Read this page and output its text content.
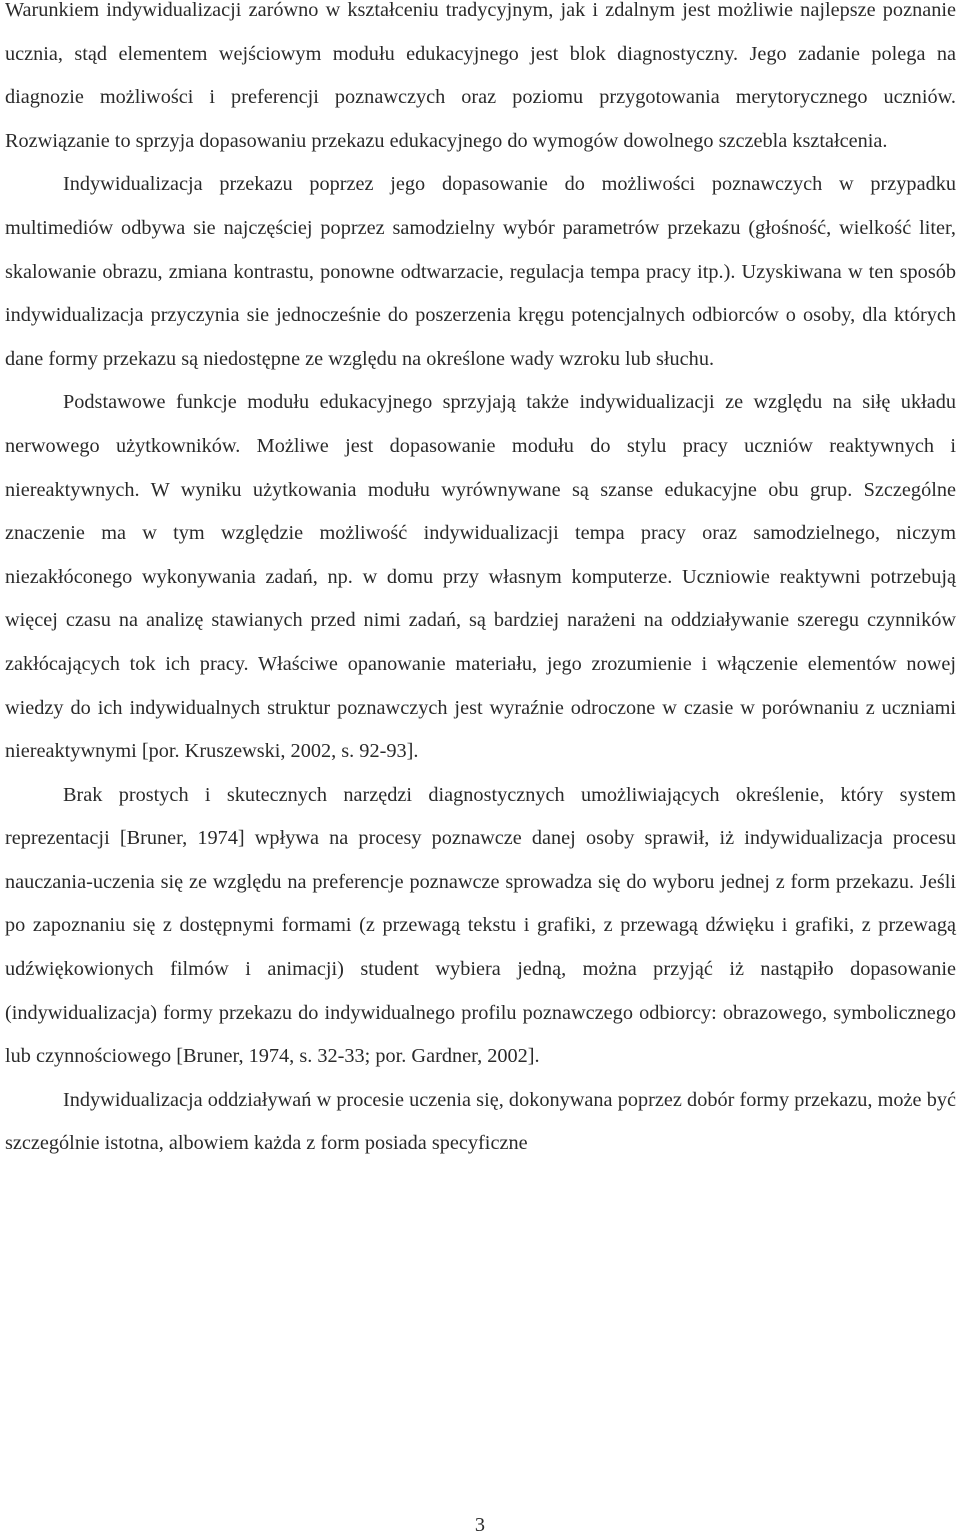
Warunkiem indywidualizacji zarówno w kształceniu tradycyjnym, jak i zdalnym jest możliwie najlepsze poznanie ucznia, stąd elementem wejściowym modułu edukacyjnego jest blok diagnostyczny. Jego zadanie polega na diagnozie możliwości i preferencji poznawczych oraz poziomu przygotowania merytorycznego uczniów. Rozwiązanie to sprzyja dopasowaniu przekazu edukacyjnego do wymogów dowolnego szczebla kształcenia.

Indywidualizacja przekazu poprzez jego dopasowanie do możliwości poznawczych w przypadku multimediów odbywa sie najczęściej poprzez samodzielny wybór parametrów przekazu (głośność, wielkość liter, skalowanie obrazu, zmiana kontrastu, ponowne odtwarzacie, regulacja tempa pracy itp.). Uzyskiwana w ten sposób indywidualizacja przyczynia sie jednocześnie do poszerzenia kręgu potencjalnych odbiorców o osoby, dla których dane formy przekazu są niedostępne ze względu na określone wady wzroku lub słuchu.

Podstawowe funkcje modułu edukacyjnego sprzyjają także indywidualizacji ze względu na siłę układu nerwowego użytkowników. Możliwe jest dopasowanie modułu do stylu pracy uczniów reaktywnych i niereaktywnych. W wyniku użytkowania modułu wyrównywane są szanse edukacyjne obu grup. Szczególne znaczenie ma w tym względzie możliwość indywidualizacji tempa pracy oraz samodzielnego, niczym niezakłóconego wykonywania zadań, np. w domu przy własnym komputerze. Uczniowie reaktywni potrzebują więcej czasu na analizę stawianych przed nimi zadań, są bardziej narażeni na oddziaływanie szeregu czynników zakłócających tok ich pracy. Właściwe opanowanie materiału, jego zrozumienie i włączenie elementów nowej wiedzy do ich indywidualnych struktur poznawczych jest wyraźnie odroczone w czasie w porównaniu z uczniami niereaktywnymi [por. Kruszewski, 2002, s. 92-93].

Brak prostych i skutecznych narzędzi diagnostycznych umożliwiających określenie, który system reprezentacji [Bruner, 1974] wpływa na procesy poznawcze danej osoby sprawił, iż indywidualizacja procesu nauczania-uczenia się ze względu na preferencje poznawcze sprowadza się do wyboru jednej z form przekazu. Jeśli po zapoznaniu się z dostępnymi formami (z przewagą tekstu i grafiki, z przewagą dźwięku i grafiki, z przewagą udźwiękowionych filmów i animacji) student wybiera jedną, można przyjąć iż nastąpiło dopasowanie (indywidualizacja) formy przekazu do indywidualnego profilu poznawczego odbiorcy: obrazowego, symbolicznego lub czynnościowego [Bruner, 1974, s. 32-33; por. Gardner, 2002].

Indywidualizacja oddziaływań w procesie uczenia się, dokonywana poprzez dobór formy przekazu, może być szczególnie istotna, albowiem każda z form posiada specyficzne

3
